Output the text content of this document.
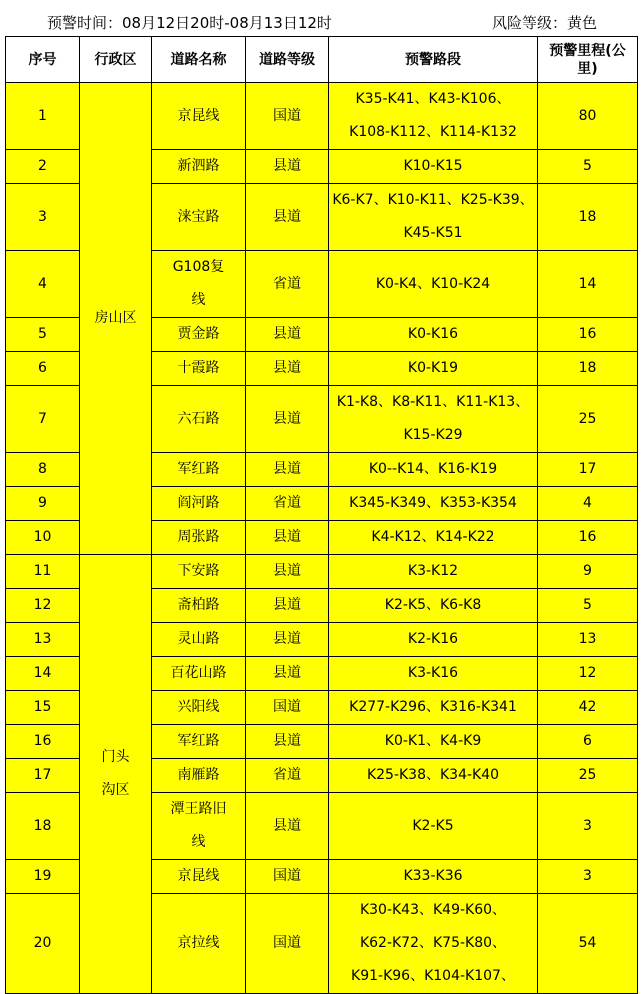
预警时间：08月12日20时-08月13日12时	风险等级：黄色
序号	行政区	道路名称	道路等级	预警路段	预警里程(公里)
1	房山区	京昆线	国道	K35-K41、K43-K106、
K108-K112、K114-K132	80
2		新泗路	县道	K10-K15	5
3		涞宝路	县道	K6-K7、K10-K11、K25-K39、
K45-K51	18
4		G108复线	省道	K0-K4、K10-K24	14
5		贾金路	县道	K0-K16	16
6		十霞路	县道	K0-K19	18
7		六石路	县道	K1-K8、K8-K11、K11-K13、
K15-K29	25
8		军红路	县道	K0--K14、K16-K19	17
9		阎河路	省道	K345-K349、K353-K354	4
10		周张路	县道	K4-K12、K14-K22	16
11	门头沟区	下安路	县道	K3-K12	9
12		斋柏路	县道	K2-K5、K6-K8	5
13		灵山路	县道	K2-K16	13
14		百花山路	县道	K3-K16	12
15		兴阳线	国道	K277-K296、K316-K341	42
16		军红路	县道	K0-K1、K4-K9	6
17		南雁路	省道	K25-K38、K34-K40	25
18		潭王路旧线	县道	K2-K5	3
19		京昆线	国道	K33-K36	3
20		京拉线	国道	K30-K43、K49-K60、
K62-K72、K75-K80、
K91-K96、K104-K107、	54
